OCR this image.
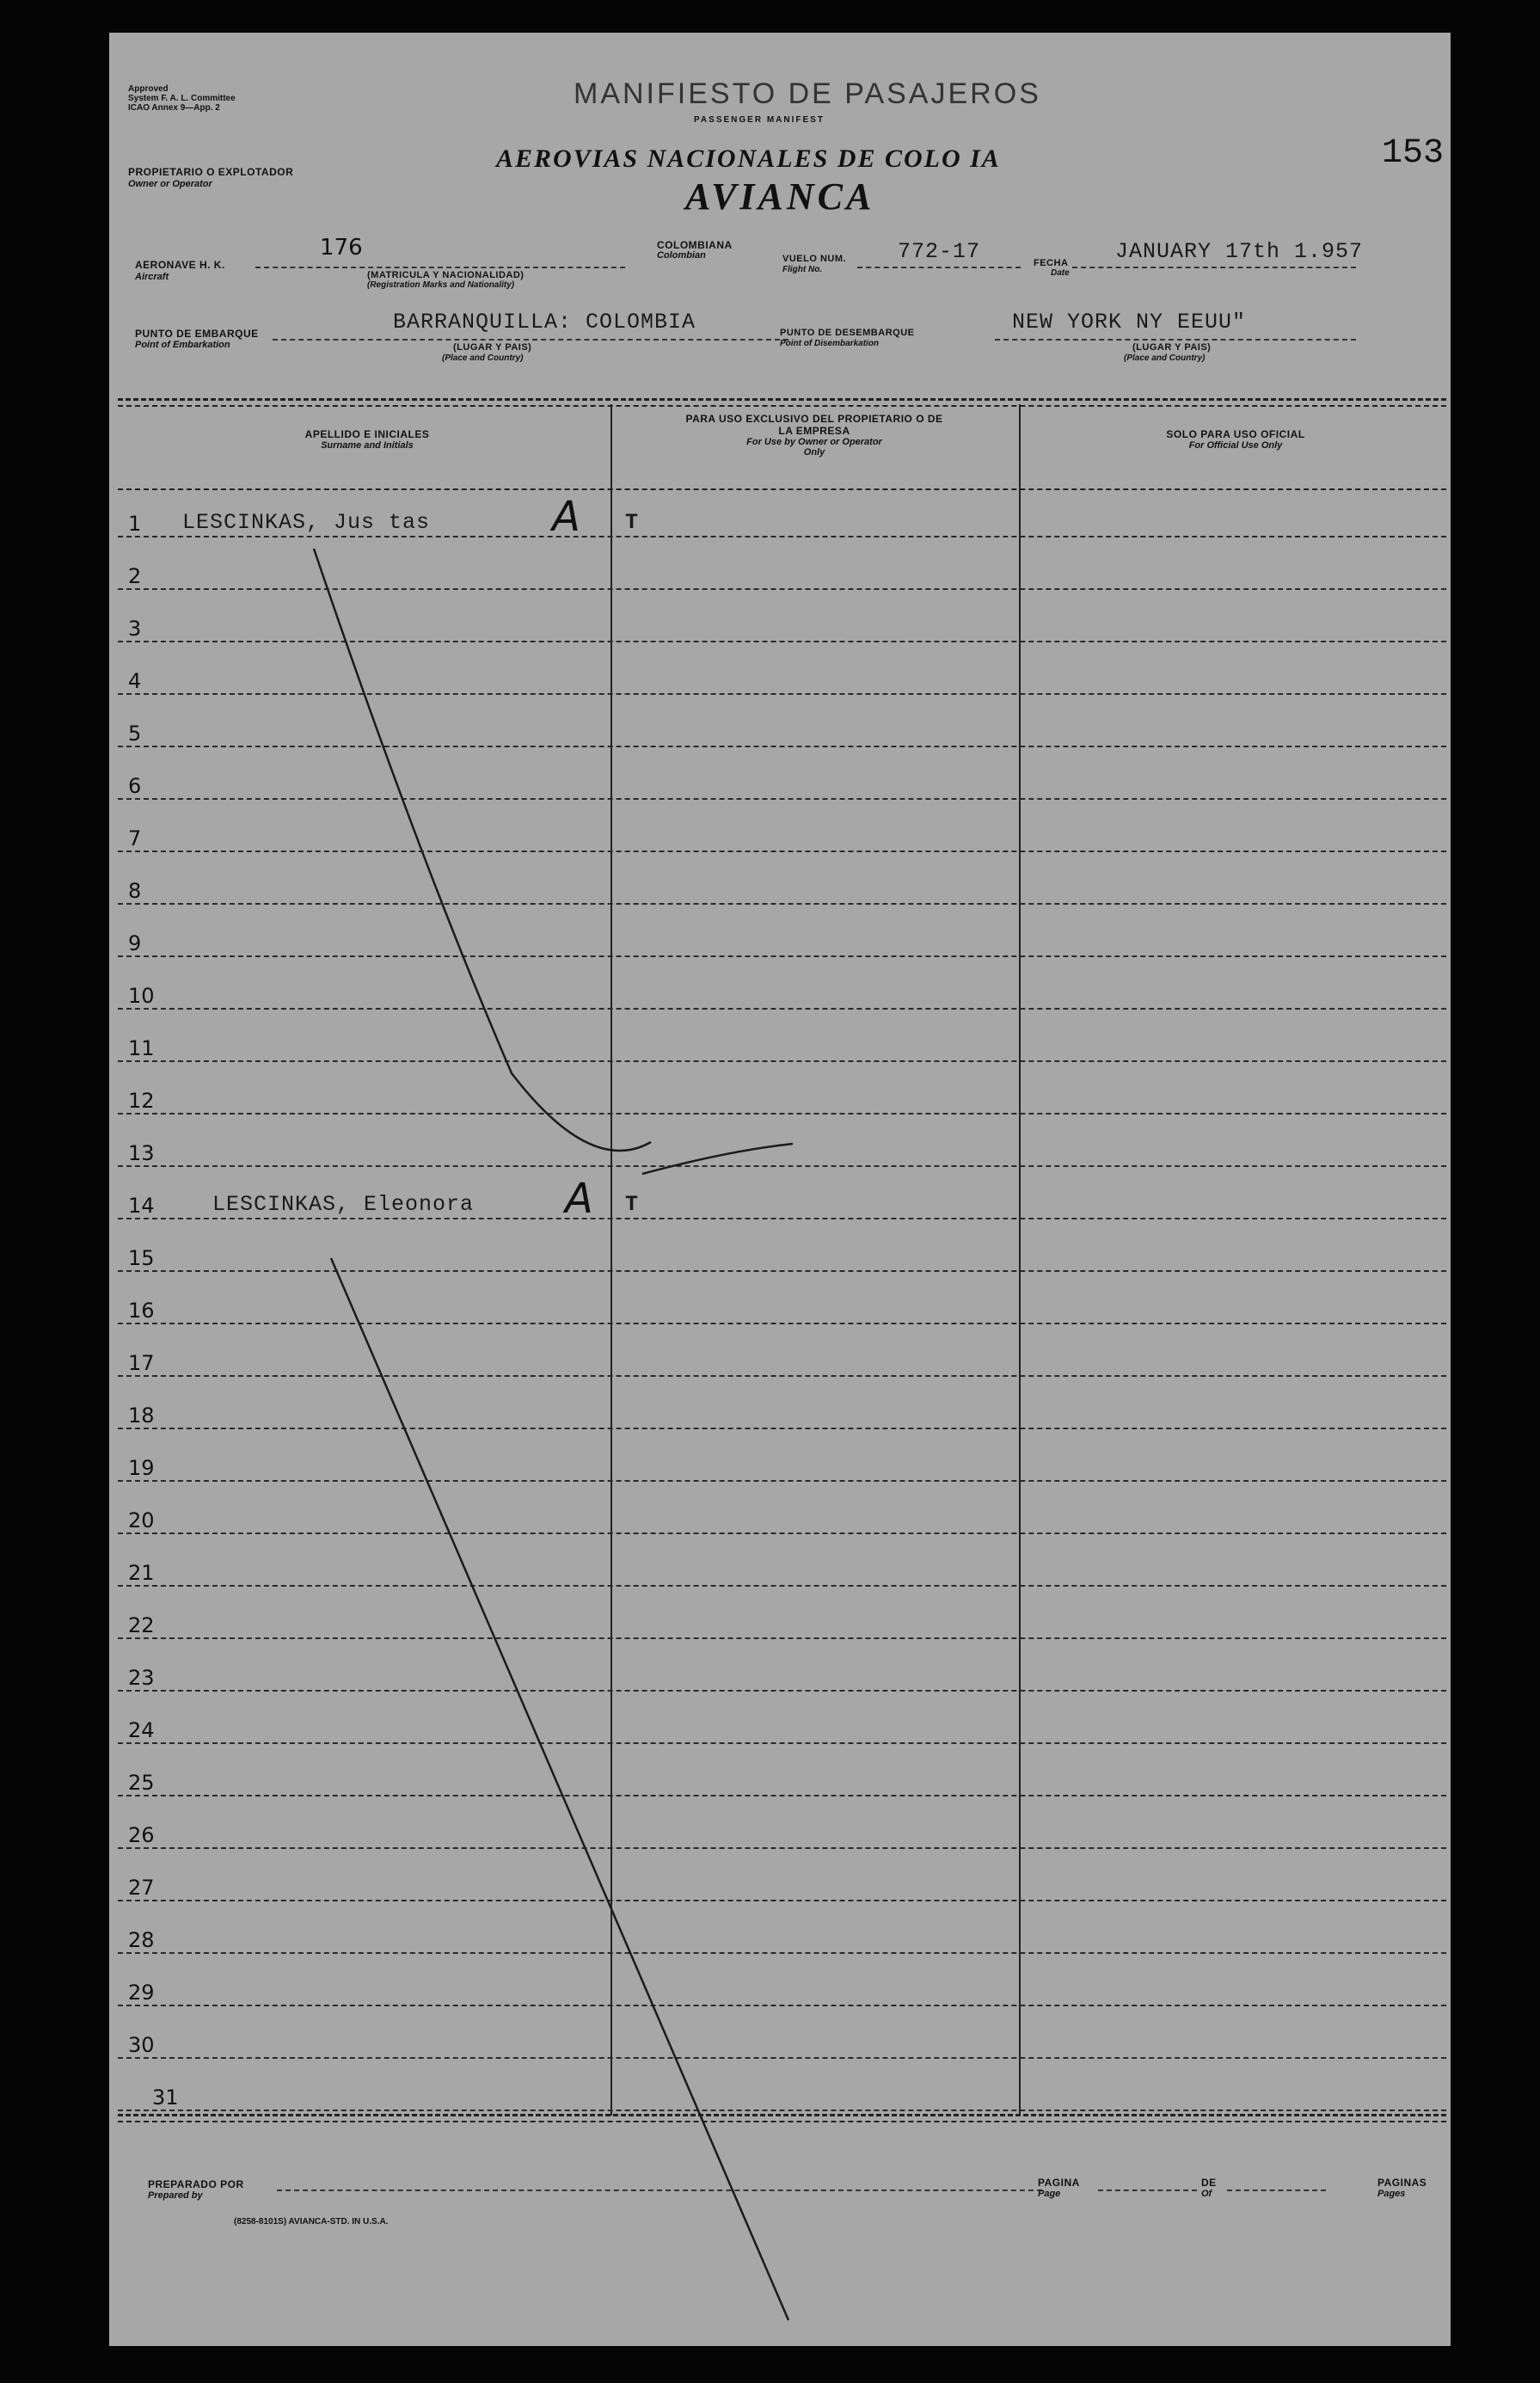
Approved
System F. A. L. Committee
ICAO Annex 9—App. 2	MANIFIESTO DE PASAJEROS
PASSENGER MANIFEST
PROPIETARIO O EXPLOTADOR
Owner or Operator
AEROVIAS NACIONALES DE COLO IA
AVIANCA
153
AERONAVE H. K.
Aircraft
176
(MATRICULA Y NACIONALIDAD)
(Registration Marks and Nationality)
COLOMBIANA
Colombian	VUELO NUM.
Flight No.
772-17	FECHA
Date
JANUARY 17th 1.957
PUNTO DE EMBARQUE
Point of Embarkation
BARRANQUILLA: COLOMBIA
(LUGAR Y PAIS)
(Place and Country)
PUNTO DE DESEMBARQUE
Point of Disembarkation
NEW YORK NY EEUU"
(LUGAR Y PAIS)
(Place and Country)
APELLIDO E INICIALES
Surname and Initials
PARA USO EXCLUSIVO DEL PROPIETARIO O DE LA EMPRESA
For Use by Owner or Operator Only
SOLO PARA USO OFICIAL
For Official Use Only
1 LESCINKAS, Jus tas	A T
2
3
4
5
6
7
8
9
10
11
12
13
14	LESCINKAS, Eleonora A T
15
16
17
18
19
20
21
22
23
24
25
26
27
28
29
30
31
PREPARADO POR
Prepared by
PAGINA
Page
DE
Of
PAGINAS
Pages
(8258-8101S) AVIANCA-STD. IN U.S.A.
